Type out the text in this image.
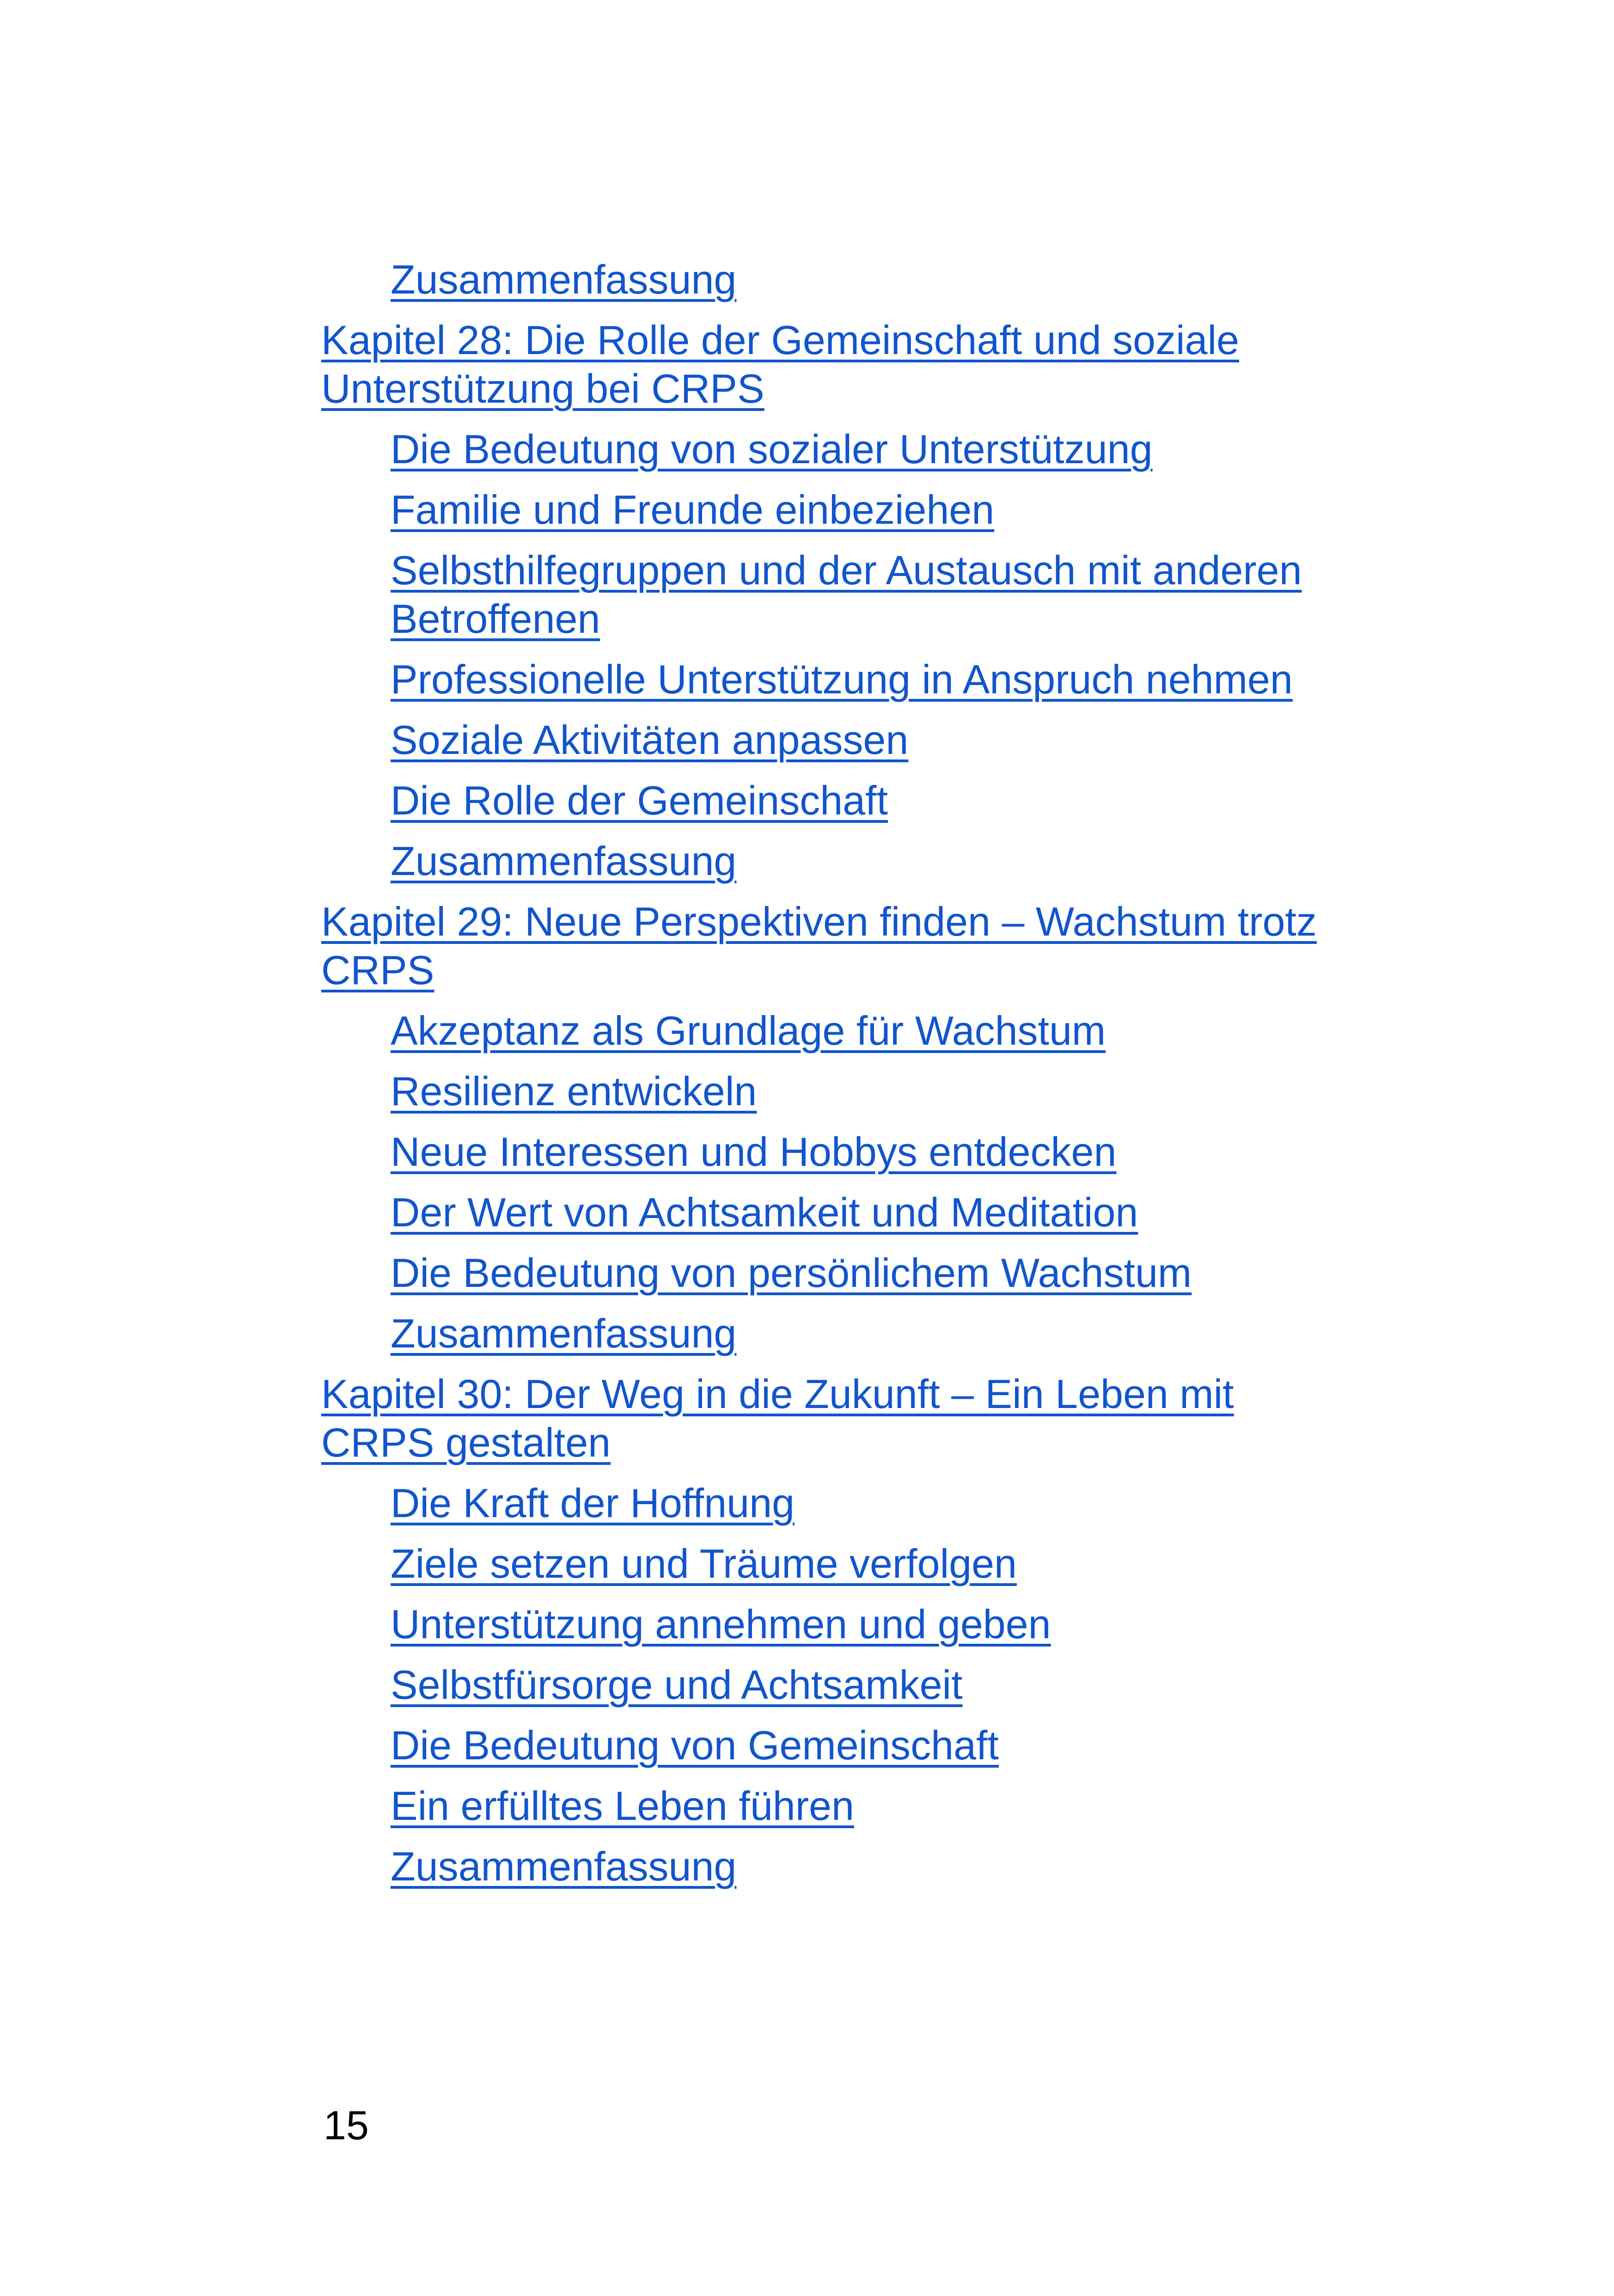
Zusammenfassung
Kapitel 28: Die Rolle der Gemeinschaft und soziale Unterstützung bei CRPS
Die Bedeutung von sozialer Unterstützung
Familie und Freunde einbeziehen
Selbsthilfegruppen und der Austausch mit anderen Betroffenen
Professionelle Unterstützung in Anspruch nehmen
Soziale Aktivitäten anpassen
Die Rolle der Gemeinschaft
Zusammenfassung
Kapitel 29: Neue Perspektiven finden – Wachstum trotz CRPS
Akzeptanz als Grundlage für Wachstum
Resilienz entwickeln
Neue Interessen und Hobbys entdecken
Der Wert von Achtsamkeit und Meditation
Die Bedeutung von persönlichem Wachstum
Zusammenfassung
Kapitel 30: Der Weg in die Zukunft – Ein Leben mit CRPS gestalten
Die Kraft der Hoffnung
Ziele setzen und Träume verfolgen
Unterstützung annehmen und geben
Selbstfürsorge und Achtsamkeit
Die Bedeutung von Gemeinschaft
Ein erfülltes Leben führen
Zusammenfassung

15
